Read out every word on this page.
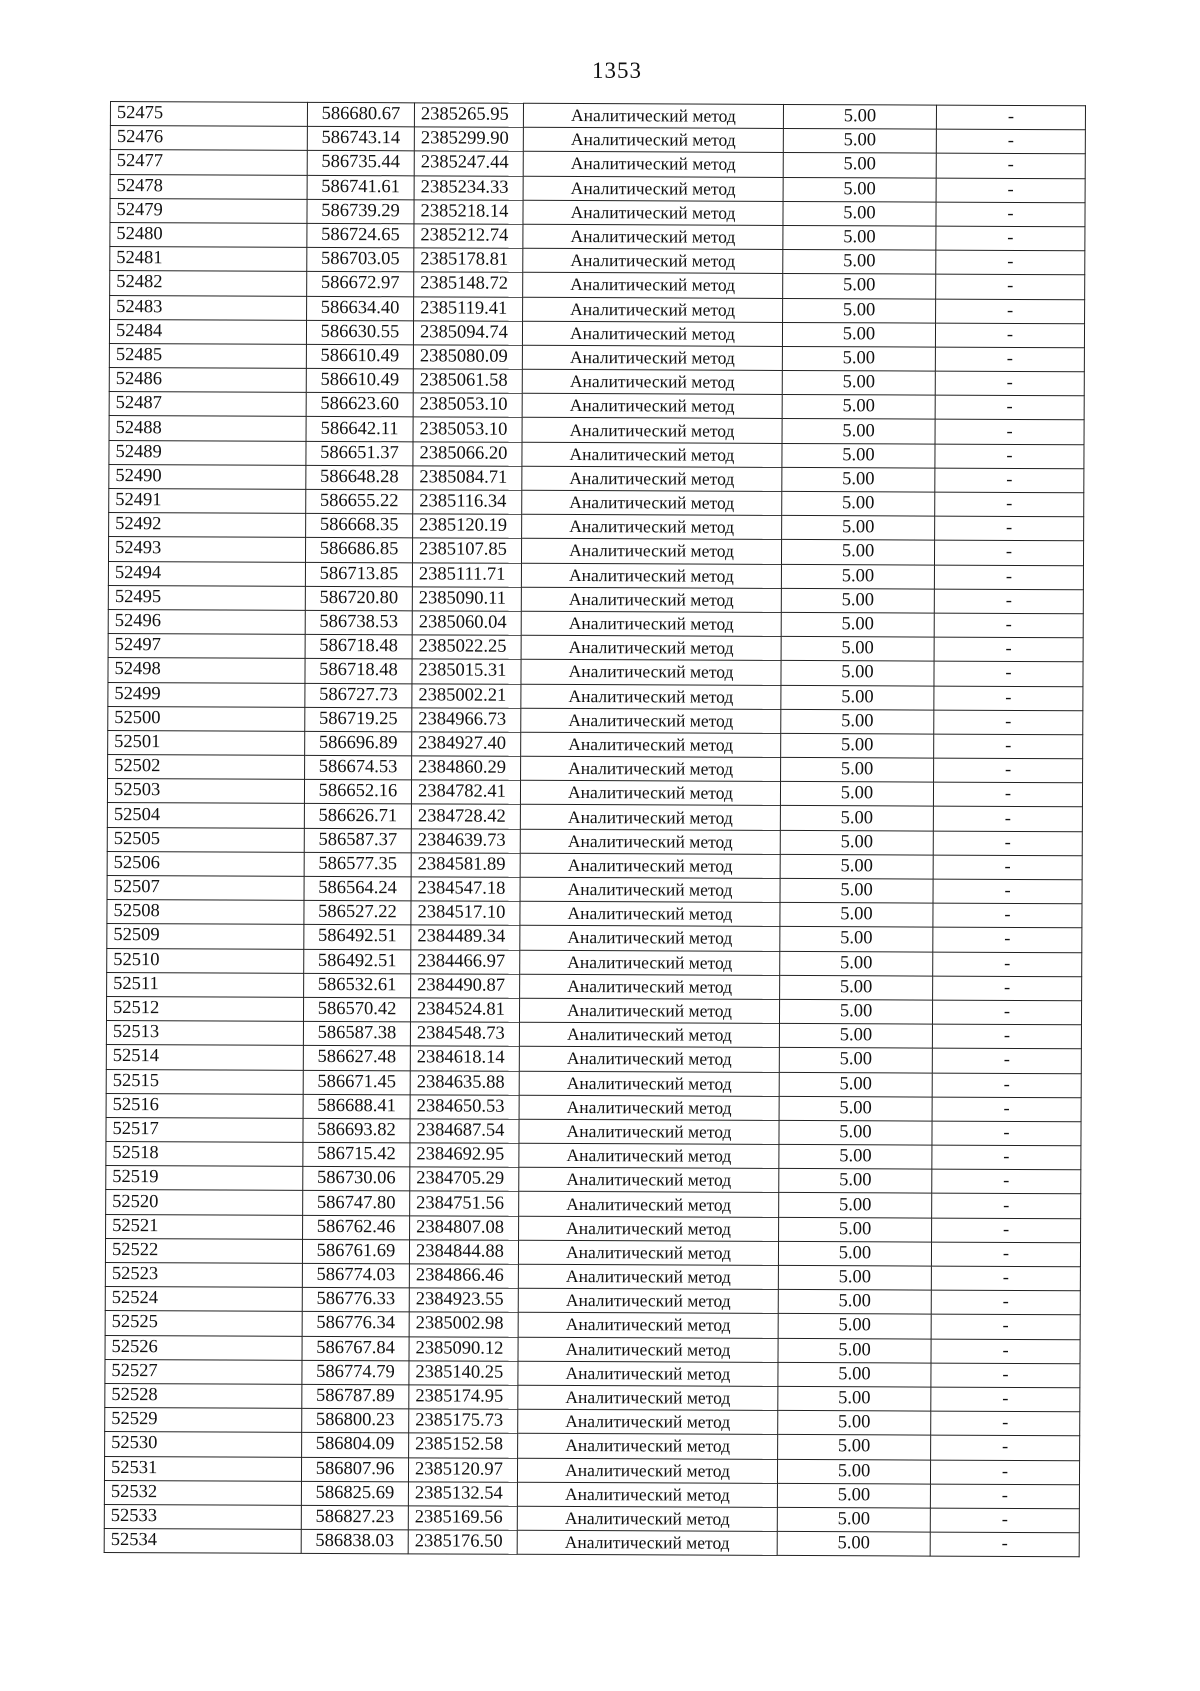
1353
52475	586680.67	2385265.95	Аналитический метод	5.00	-
52476	586743.14	2385299.90	Аналитический метод	5.00	-
52477	586735.44	2385247.44	Аналитический метод	5.00	-
52478	586741.61	2385234.33	Аналитический метод	5.00	-
52479	586739.29	2385218.14	Аналитический метод	5.00	-
52480	586724.65	2385212.74	Аналитический метод	5.00	-
52481	586703.05	2385178.81	Аналитический метод	5.00	-
52482	586672.97	2385148.72	Аналитический метод	5.00	-
52483	586634.40	2385119.41	Аналитический метод	5.00	-
52484	586630.55	2385094.74	Аналитический метод	5.00	-
52485	586610.49	2385080.09	Аналитический метод	5.00	-
52486	586610.49	2385061.58	Аналитический метод	5.00	-
52487	586623.60	2385053.10	Аналитический метод	5.00	-
52488	586642.11	2385053.10	Аналитический метод	5.00	-
52489	586651.37	2385066.20	Аналитический метод	5.00	-
52490	586648.28	2385084.71	Аналитический метод	5.00	-
52491	586655.22	2385116.34	Аналитический метод	5.00	-
52492	586668.35	2385120.19	Аналитический метод	5.00	-
52493	586686.85	2385107.85	Аналитический метод	5.00	-
52494	586713.85	2385111.71	Аналитический метод	5.00	-
52495	586720.80	2385090.11	Аналитический метод	5.00	-
52496	586738.53	2385060.04	Аналитический метод	5.00	-
52497	586718.48	2385022.25	Аналитический метод	5.00	-
52498	586718.48	2385015.31	Аналитический метод	5.00	-
52499	586727.73	2385002.21	Аналитический метод	5.00	-
52500	586719.25	2384966.73	Аналитический метод	5.00	-
52501	586696.89	2384927.40	Аналитический метод	5.00	-
52502	586674.53	2384860.29	Аналитический метод	5.00	-
52503	586652.16	2384782.41	Аналитический метод	5.00	-
52504	586626.71	2384728.42	Аналитический метод	5.00	-
52505	586587.37	2384639.73	Аналитический метод	5.00	-
52506	586577.35	2384581.89	Аналитический метод	5.00	-
52507	586564.24	2384547.18	Аналитический метод	5.00	-
52508	586527.22	2384517.10	Аналитический метод	5.00	-
52509	586492.51	2384489.34	Аналитический метод	5.00	-
52510	586492.51	2384466.97	Аналитический метод	5.00	-
52511	586532.61	2384490.87	Аналитический метод	5.00	-
52512	586570.42	2384524.81	Аналитический метод	5.00	-
52513	586587.38	2384548.73	Аналитический метод	5.00	-
52514	586627.48	2384618.14	Аналитический метод	5.00	-
52515	586671.45	2384635.88	Аналитический метод	5.00	-
52516	586688.41	2384650.53	Аналитический метод	5.00	-
52517	586693.82	2384687.54	Аналитический метод	5.00	-
52518	586715.42	2384692.95	Аналитический метод	5.00	-
52519	586730.06	2384705.29	Аналитический метод	5.00	-
52520	586747.80	2384751.56	Аналитический метод	5.00	-
52521	586762.46	2384807.08	Аналитический метод	5.00	-
52522	586761.69	2384844.88	Аналитический метод	5.00	-
52523	586774.03	2384866.46	Аналитический метод	5.00	-
52524	586776.33	2384923.55	Аналитический метод	5.00	-
52525	586776.34	2385002.98	Аналитический метод	5.00	-
52526	586767.84	2385090.12	Аналитический метод	5.00	-
52527	586774.79	2385140.25	Аналитический метод	5.00	-
52528	586787.89	2385174.95	Аналитический метод	5.00	-
52529	586800.23	2385175.73	Аналитический метод	5.00	-
52530	586804.09	2385152.58	Аналитический метод	5.00	-
52531	586807.96	2385120.97	Аналитический метод	5.00	-
52532	586825.69	2385132.54	Аналитический метод	5.00	-
52533	586827.23	2385169.56	Аналитический метод	5.00	-
52534	586838.03	2385176.50	Аналитический метод	5.00	-
